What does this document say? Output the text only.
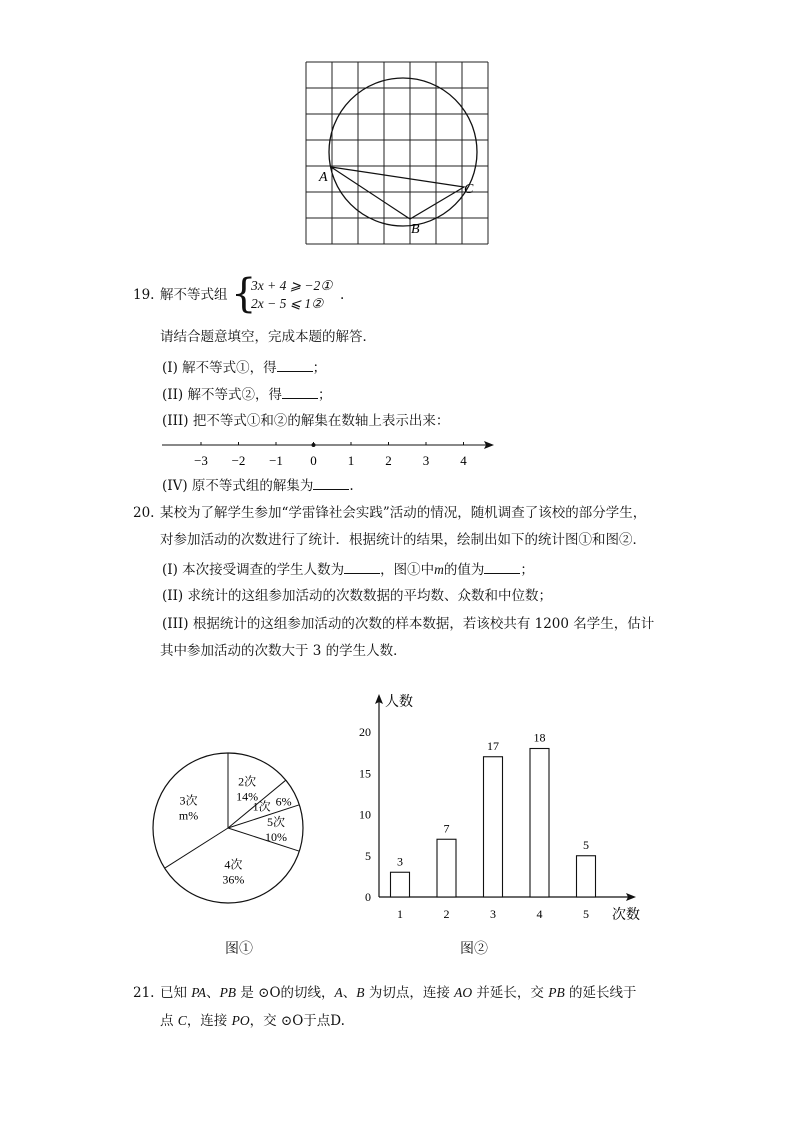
A
B
C
19. 解不等式组 {
3x + 4 ⩾ −2①
2x − 5 ⩽ 1②
.
请结合题意填空，完成本题的解答．
(I) 解不等式①，得	；
(II) 解不等式②，得	；
(III) 把不等式①和②的解集在数轴上表示出来：
−3 −2 −1 0 1 2 3 4
(IV) 原不等式组的解集为	.
20. 某校为了解学生参加“学雷锋社会实践”活动的情况，随机调查了该校的部分学生，
对参加活动的次数进行了统计．根据统计的结果，绘制出如下的统计图①和图②．
(I) 本次接受调查的学生人数为	，图①中m的值为	；
(II) 求统计的这组参加活动的次数数据的平均数、众数和中位数；
(III) 根据统计的这组参加活动的次数的样本数据，若该校共有 1200 名学生，估计
其中参加活动的次数大于 3 的学生人数．
2次
14%
1次 6%
5次
10%
4次
36%
3次
m%
图①
人数
次数
0
5
10
15
20
3
1
7
2
17
3
18
4
5
5
图②
21. 已知 PA、PB 是 ⊙O的切线，A、B 为切点，连接 AO 并延长，交 PB 的延长线于
点 C，连接 PO，交 ⊙O于点D.
